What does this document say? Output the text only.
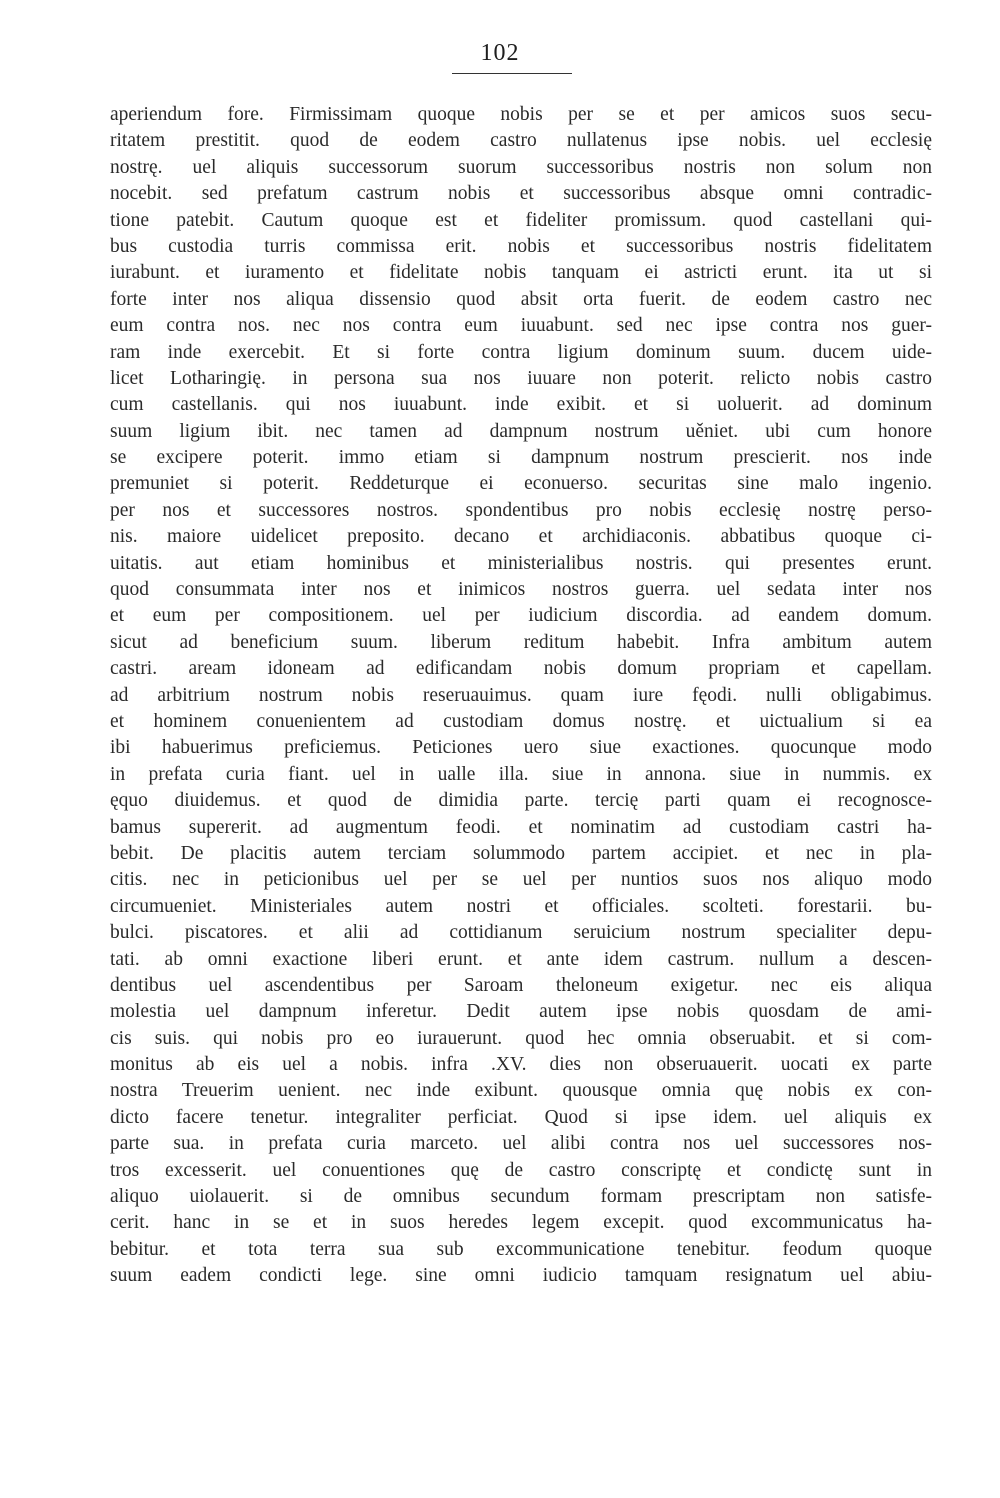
102
aperiendum fore. Firmissimam quoque nobis per se et per amicos suos secu-
ritatem prestitit. quod de eodem castro nullatenus ipse nobis. uel ecclesię
nostrę. uel aliquis successorum suorum successoribus nostris non solum non
nocebit. sed prefatum castrum nobis et successoribus absque omni contradic-
tione patebit. Cautum quoque est et fideliter promissum. quod castellani qui-
bus custodia turris commissa erit. nobis et successoribus nostris fidelitatem
iurabunt. et iuramento et fidelitate nobis tanquam ei astricti erunt. ita ut si
forte inter nos aliqua dissensio quod absit orta fuerit. de eodem castro nec
eum contra nos. nec nos contra eum iuuabunt. sed nec ipse contra nos guer-
ram inde exercebit. Et si forte contra ligium dominum suum. ducem uide-
licet Lotharingię. in persona sua nos iuuare non poterit. relicto nobis castro
cum castellanis. qui nos iuuabunt. inde exibit. et si uoluerit. ad dominum
suum ligium ibit. nec tamen ad dampnum nostrum uěniet. ubi cum honore
se excipere poterit. immo etiam si dampnum nostrum prescierit. nos inde
premuniet si poterit. Reddeturque ei econuerso. securitas sine malo ingenio.
per nos et successores nostros. spondentibus pro nobis ecclesię nostrę perso-
nis. maiore uidelicet preposito. decano et archidiaconis. abbatibus quoque ci-
uitatis. aut etiam hominibus et ministerialibus nostris. qui presentes erunt.
quod consummata inter nos et inimicos nostros guerra. uel sedata inter nos
et eum per compositionem. uel per iudicium discordia. ad eandem domum.
sicut ad beneficium suum. liberum reditum habebit. Infra ambitum autem
castri. aream idoneam ad edificandam nobis domum propriam et capellam.
ad arbitrium nostrum nobis reseruauimus. quam iure fęodi. nulli obligabimus.
et hominem conuenientem ad custodiam domus nostrę. et uictualium si ea
ibi habuerimus preficiemus. Peticiones uero siue exactiones. quocunque modo
in prefata curia fiant. uel in ualle illa. siue in annona. siue in nummis. ex
ęquo diuidemus. et quod de dimidia parte. tercię parti quam ei recognosce-
bamus supererit. ad augmentum feodi. et nominatim ad custodiam castri ha-
bebit. De placitis autem terciam solummodo partem accipiet. et nec in pla-
citis. nec in peticionibus uel per se uel per nuntios suos nos aliquo modo
circumueniet. Ministeriales autem nostri et officiales. scolteti. forestarii. bu-
bulci. piscatores. et alii ad cottidianum seruicium nostrum specialiter depu-
tati. ab omni exactione liberi erunt. et ante idem castrum. nullum a descen-
dentibus uel ascendentibus per Saroam theloneum exigetur. nec eis aliqua
molestia uel dampnum inferetur. Dedit autem ipse nobis quosdam de ami-
cis suis. qui nobis pro eo iurauerunt. quod hec omnia obseruabit. et si com-
monitus ab eis uel a nobis. infra .XV. dies non obseruauerit. uocati ex parte
nostra Treuerim uenient. nec inde exibunt. quousque omnia quę nobis ex con-
dicto facere tenetur. integraliter perficiat. Quod si ipse idem. uel aliquis ex
parte sua. in prefata curia marceto. uel alibi contra nos uel successores nos-
tros excesserit. uel conuentiones quę de castro conscriptę et condictę sunt in
aliquo uiolauerit. si de omnibus secundum formam prescriptam non satisfe-
cerit. hanc in se et in suos heredes legem excepit. quod excommunicatus ha-
bebitur. et tota terra sua sub excommunicatione tenebitur. feodum quoque
suum eadem condicti lege. sine omni iudicio tamquam resignatum uel abiu-
